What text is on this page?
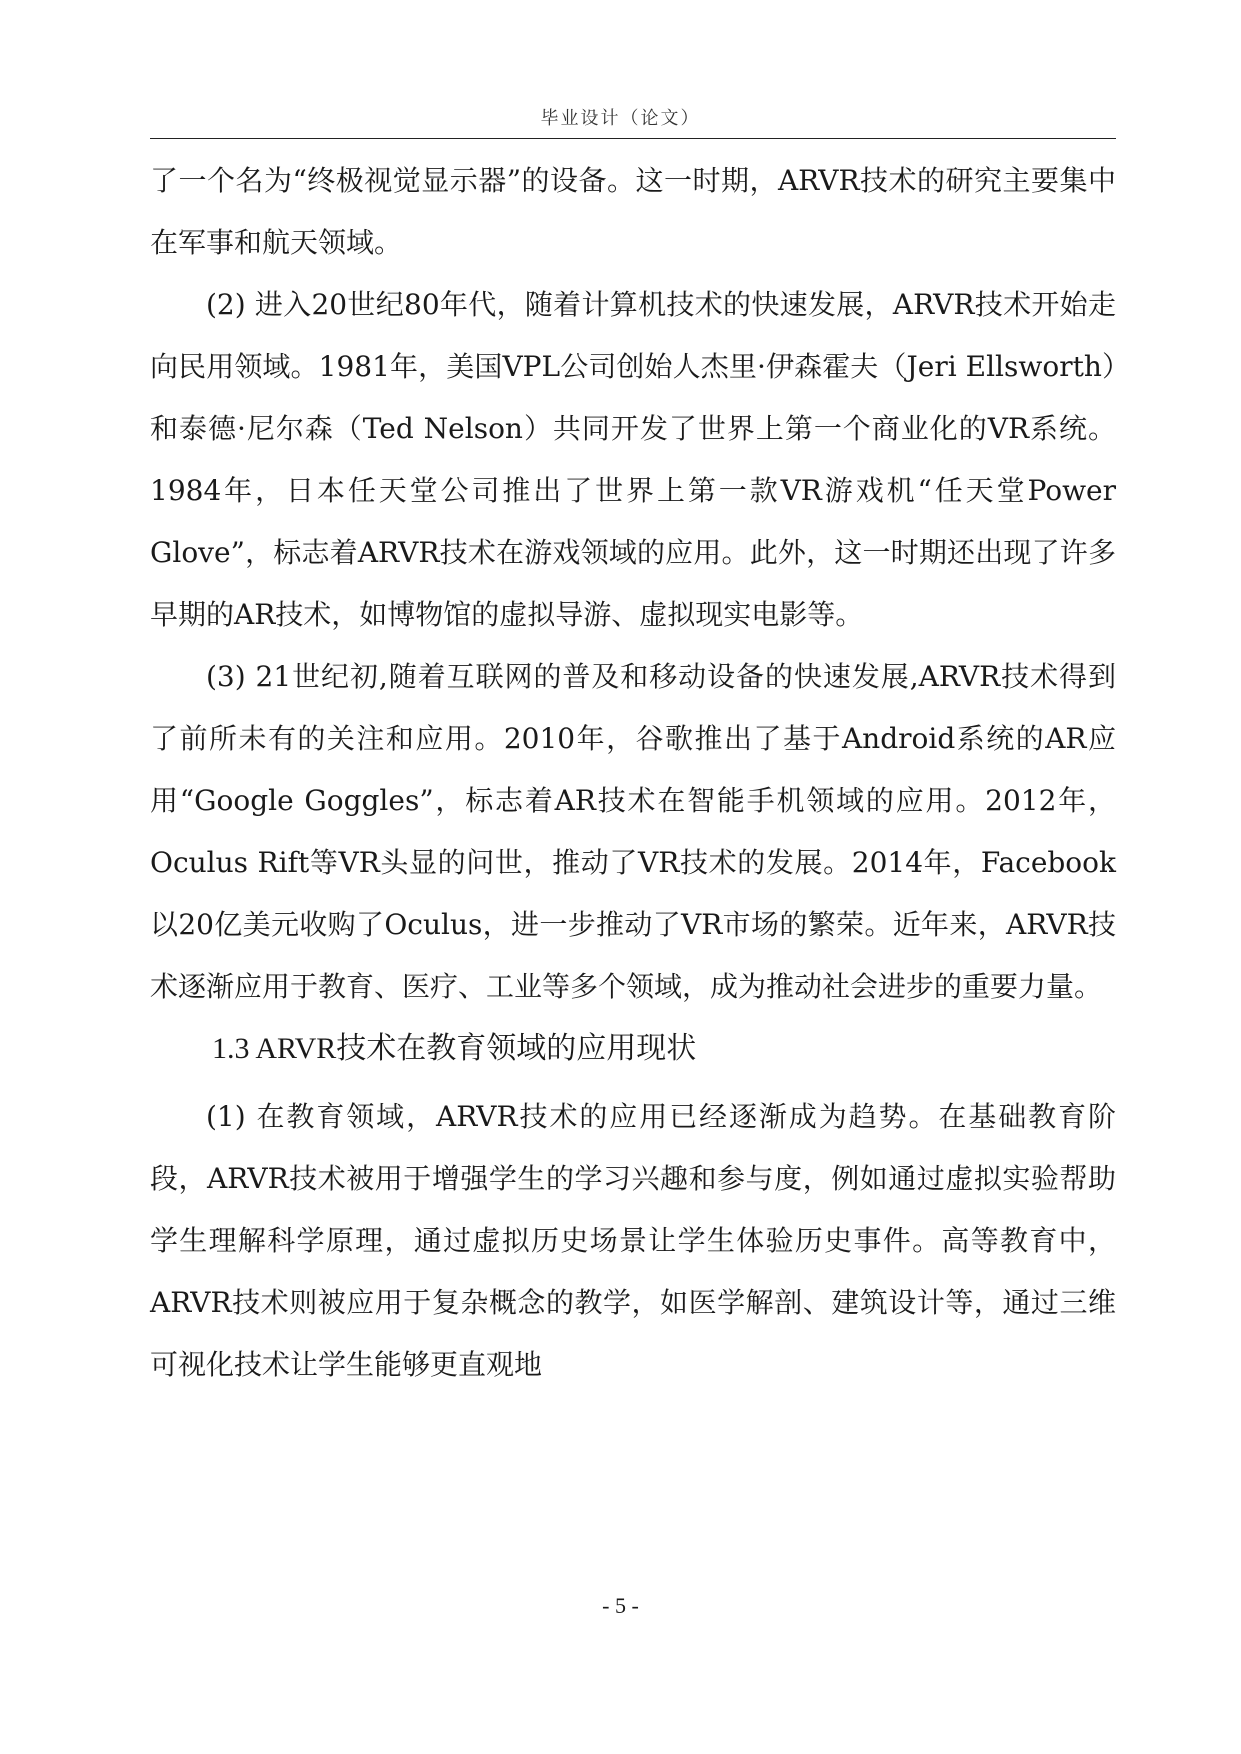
毕业设计（论文）

了一个名为“终极视觉显示器”的设备。这一时期，ARVR技术的研究主要集中在军事和航天领域。

(2) 进入20世纪80年代，随着计算机技术的快速发展，ARVR技术开始走向民用领域。1981年，美国VPL公司创始人杰里·伊森霍夫（Jeri Ellsworth）和泰德·尼尔森（Ted Nelson）共同开发了世界上第一个商业化的VR系统。1984年，日本任天堂公司推出了世界上第一款VR游戏机“任天堂Power Glove”，标志着ARVR技术在游戏领域的应用。此外，这一时期还出现了许多早期的AR技术，如博物馆的虚拟导游、虚拟现实电影等。

(3) 21世纪初,随着互联网的普及和移动设备的快速发展,ARVR技术得到了前所未有的关注和应用。2010年，谷歌推出了基于Android系统的AR应用“Google Goggles”，标志着AR技术在智能手机领域的应用。2012年，Oculus Rift等VR头显的问世，推动了VR技术的发展。2014年，Facebook以20亿美元收购了Oculus，进一步推动了VR市场的繁荣。近年来，ARVR技术逐渐应用于教育、医疗、工业等多个领域，成为推动社会进步的重要力量。

1.3 ARVR技术在教育领域的应用现状

(1) 在教育领域，ARVR技术的应用已经逐渐成为趋势。在基础教育阶段，ARVR技术被用于增强学生的学习兴趣和参与度，例如通过虚拟实验帮助学生理解科学原理，通过虚拟历史场景让学生体验历史事件。高等教育中，ARVR技术则被应用于复杂概念的教学，如医学解剖、建筑设计等，通过三维可视化技术让学生能够更直观地

- 5 -
